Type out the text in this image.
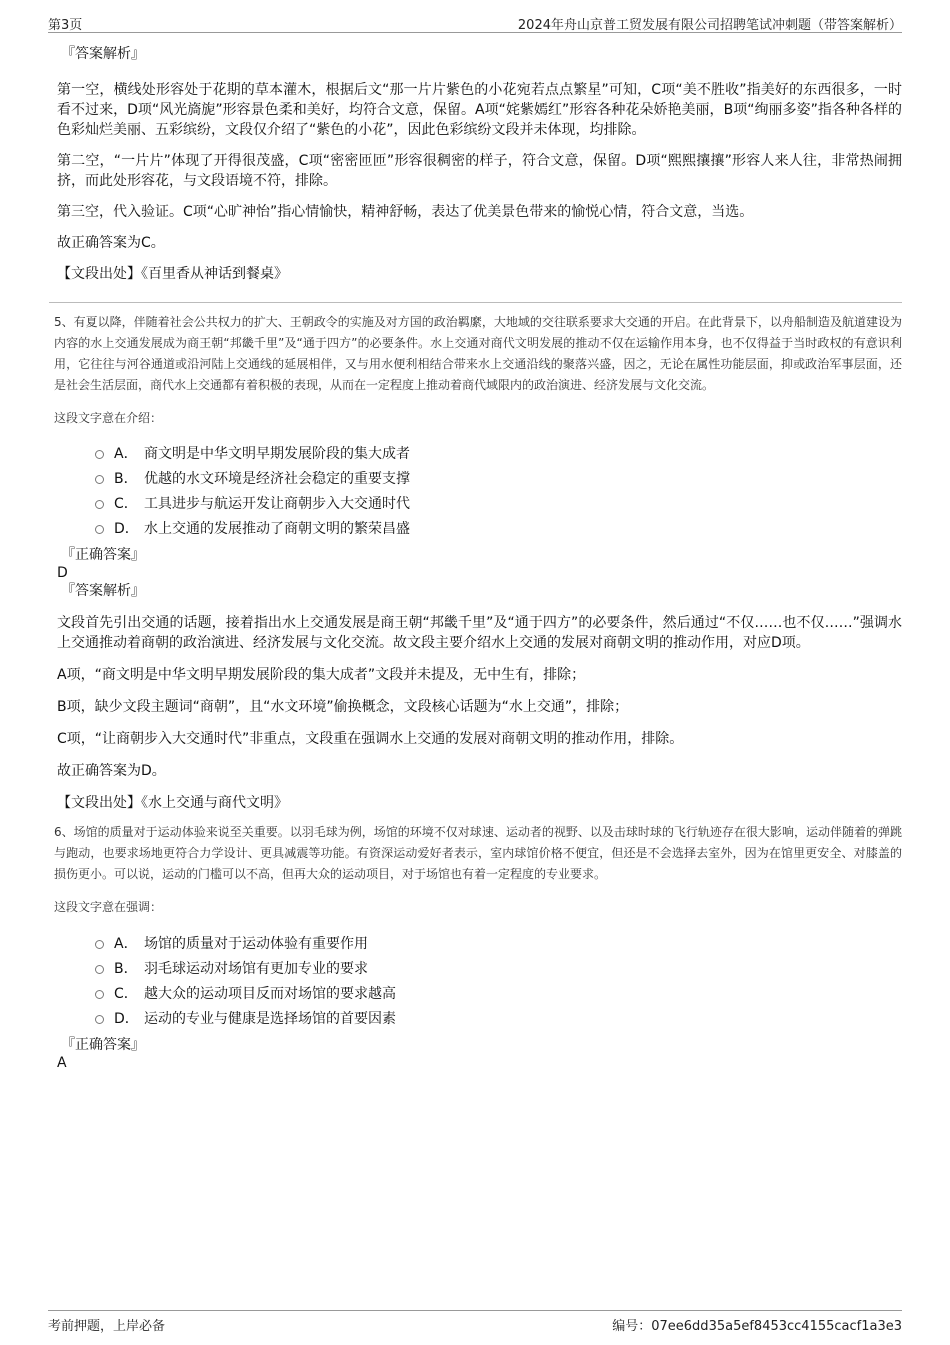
第3页	2024年舟山京普工贸发展有限公司招聘笔试冲刺题（带答案解析）
『答案解析』
第一空，横线处形容处于花期的草本灌木，根据后文“那一片片紫色的小花宛若点点繁星”可知，C项“美不胜收”指美好的东西很多，一时看不过来，D项“风光旖旎”形容景色柔和美好，均符合文意，保留。A项“姹紫嫣红”形容各种花朵娇艳美丽，B项“绚丽多姿”指各种各样的色彩灿烂美丽、五彩缤纷，文段仅介绍了“紫色的小花”，因此色彩缤纷文段并未体现，均排除。
第二空，“一片片”体现了开得很茂盛，C项“密密匝匝”形容很稠密的样子，符合文意，保留。D项“熙熙攘攘”形容人来人往，非常热闹拥挤，而此处形容花，与文段语境不符，排除。
第三空，代入验证。C项“心旷神怡”指心情愉快，精神舒畅，表达了优美景色带来的愉悦心情，符合文意，当选。
故正确答案为C。
【文段出处】《百里香从神话到餐桌》
5、有夏以降，伴随着社会公共权力的扩大、王朝政令的实施及对方国的政治羁縻，大地域的交往联系要求大交通的开启。在此背景下，以舟船制造及航道建设为内容的水上交通发展成为商王朝“邦畿千里”及“通于四方”的必要条件。水上交通对商代文明发展的推动不仅在运输作用本身，也不仅得益于当时政权的有意识利用，它往往与河谷通道或沿河陆上交通线的延展相伴，又与用水便利相结合带来水上交通沿线的聚落兴盛，因之，无论在属性功能层面，抑或政治军事层面，还是社会生活层面，商代水上交通都有着积极的表现，从而在一定程度上推动着商代域限内的政治演进、经济发展与文化交流。
这段文字意在介绍：
A． 商文明是中华文明早期发展阶段的集大成者
B． 优越的水文环境是经济社会稳定的重要支撑
C． 工具进步与航运开发让商朝步入大交通时代
D． 水上交通的发展推动了商朝文明的繁荣昌盛
『正确答案』
D
『答案解析』
文段首先引出交通的话题，接着指出水上交通发展是商王朝“邦畿千里”及“通于四方”的必要条件，然后通过“不仅……也不仅……”强调水上交通推动着商朝的政治演进、经济发展与文化交流。故文段主要介绍水上交通的发展对商朝文明的推动作用，对应D项。
A项，“商文明是中华文明早期发展阶段的集大成者”文段并未提及，无中生有，排除；
B项，缺少文段主题词“商朝”，且“水文环境”偷换概念，文段核心话题为“水上交通”，排除；
C项，“让商朝步入大交通时代”非重点，文段重在强调水上交通的发展对商朝文明的推动作用，排除。
故正确答案为D。
【文段出处】《水上交通与商代文明》
6、场馆的质量对于运动体验来说至关重要。以羽毛球为例，场馆的环境不仅对球速、运动者的视野、以及击球时球的飞行轨迹存在很大影响，运动伴随着的弹跳与跑动，也要求场地更符合力学设计、更具减震等功能。有资深运动爱好者表示，室内球馆价格不便宜，但还是不会选择去室外，因为在馆里更安全、对膝盖的损伤更小。可以说，运动的门槛可以不高，但再大众的运动项目，对于场馆也有着一定程度的专业要求。
这段文字意在强调：
A． 场馆的质量对于运动体验有重要作用
B． 羽毛球运动对场馆有更加专业的要求
C． 越大众的运动项目反而对场馆的要求越高
D． 运动的专业与健康是选择场馆的首要因素
『正确答案』
A
考前押题，上岸必备	编号：07ee6dd35a5ef8453cc4155cacf1a3e3
